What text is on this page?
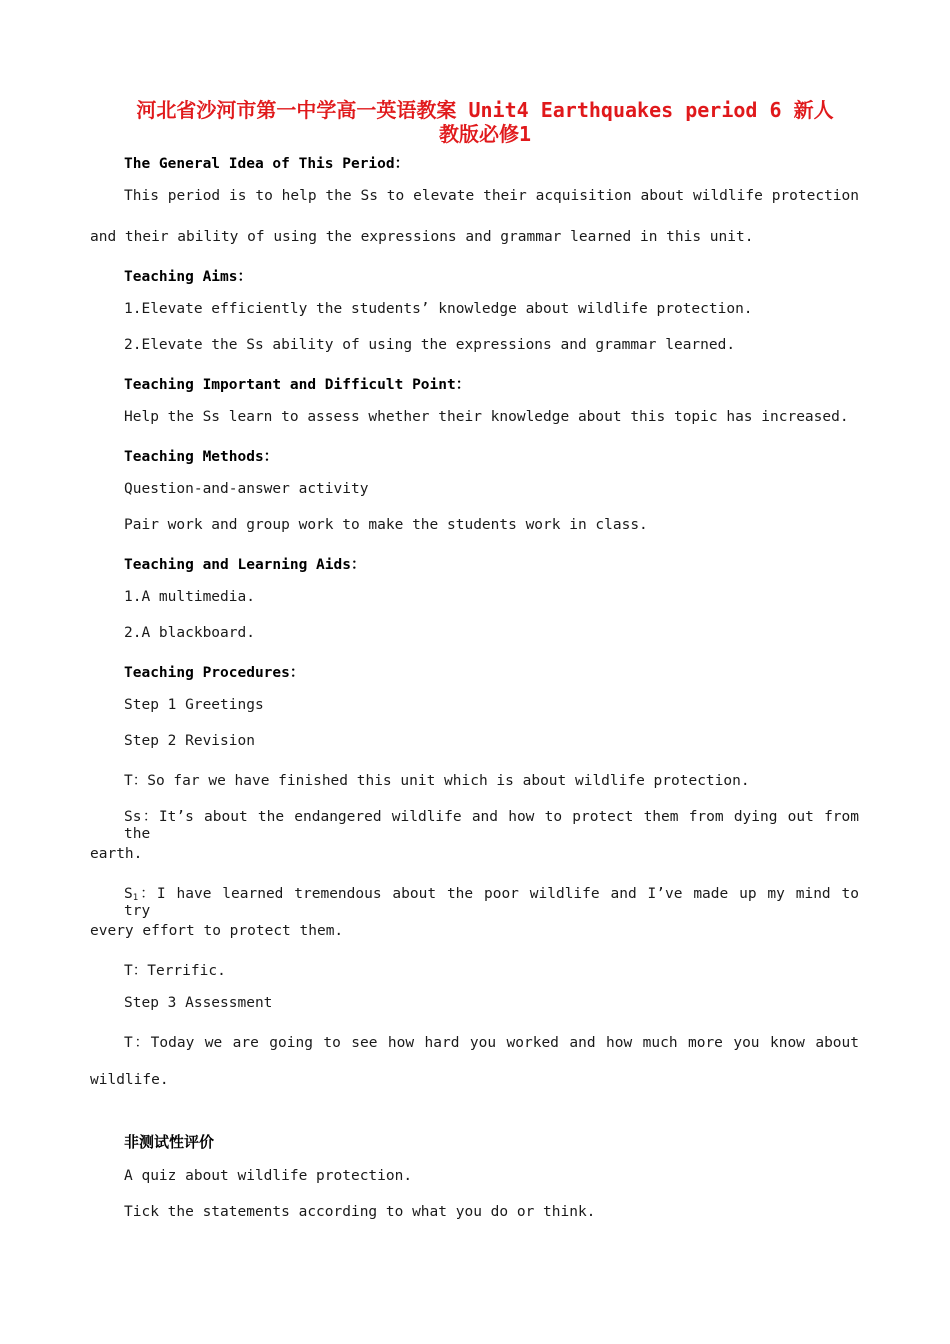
河北省沙河市第一中学高一英语教案 Unit4 Earthquakes period 6 新人
教版必修1
The General Idea of This Period：
This period is to help the Ss to elevate their acquisition about wildlife protection
and their ability of using the expressions and grammar learned in this unit.
Teaching Aims：
1.Elevate efficiently the students’ knowledge about wildlife protection.
2.Elevate the Ss ability of using the expressions and grammar learned.
Teaching Important and Difficult Point：
Help the Ss learn to assess whether their knowledge about this topic has increased.
Teaching Methods：
Question-and-answer activity
Pair work and group work to make the students work in class.
Teaching and Learning Aids：
1.A multimedia.
2.A blackboard.
Teaching Procedures：
Step 1 Greetings
Step 2 Revision
T：So far we have finished this unit which is about wildlife protection.
Ss：It’s about the endangered wildlife and how to protect them from dying out from the
earth.
$S_1$：I have learned tremendous about the poor wildlife and I’ve made up my mind to try
every effort to protect them.
T：Terrific.
Step 3 Assessment
T：Today we are going to see how hard you worked and how much more you know about
wildlife.
非测试性评价
A quiz about wildlife protection.
Tick the statements according to what you do or think.
